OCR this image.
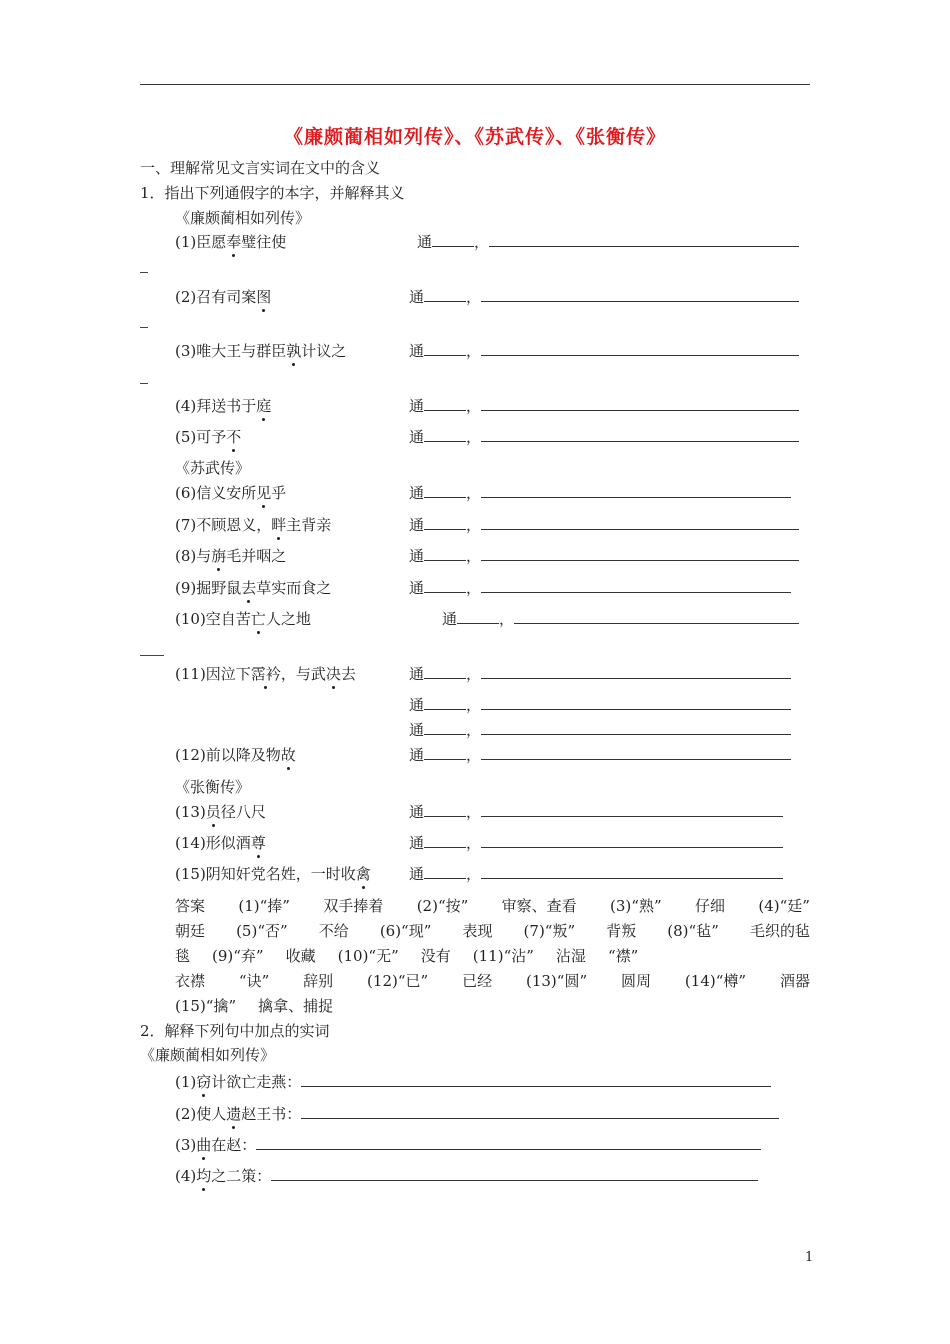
《廉颇蔺相如列传》、《苏武传》、《张衡传》
一、理解常见文言实词在文中的含义
1．指出下列通假字的本字，并解释其义
《廉颇蔺相如列传》
(1)臣愿奉璧往使	通	，
(2)召有司案图	通	，
(3)唯大王与群臣孰计议之	通	，
(4)拜送书于庭	通	，
(5)可予不	通	，
《苏武传》
(6)信义安所见乎	通	，
(7)不顾恩义，畔主背亲	通	，
(8)与旃毛并咽之	通	，
(9)掘野鼠去草实而食之	通	，
(10)空自苦亡人之地	通	，
(11)因泣下霑衿，与武决去	通	，
通	，
通	，
(12)前以降及物故	通	，
《张衡传》
(13)员径八尺	通	，
(14)形似酒尊	通	，
(15)阴知奸党名姓，一时收禽	通	，
答案 (1)“捧” 双手捧着 (2)“按” 审察、查看 (3)“熟” 仔细 (4)“廷”
朝廷 (5)“否” 不给 (6)“现” 表现 (7)“叛” 背叛 (8)“毡” 毛织的毡
毯 (9)“弃” 收藏 (10)“无” 没有 (11)“沾” 沾湿 “襟”
衣襟 “诀” 辞别 (12)“已” 已经 (13)“圆” 圆周 (14)“樽” 酒器
(15)“擒” 擒拿、捕捉
2．解释下列句中加点的实词
《廉颇蔺相如列传》
(1)窃计欲亡走燕：
(2)使人遗赵王书：
(3)曲在赵：
(4)均之二策：
1
